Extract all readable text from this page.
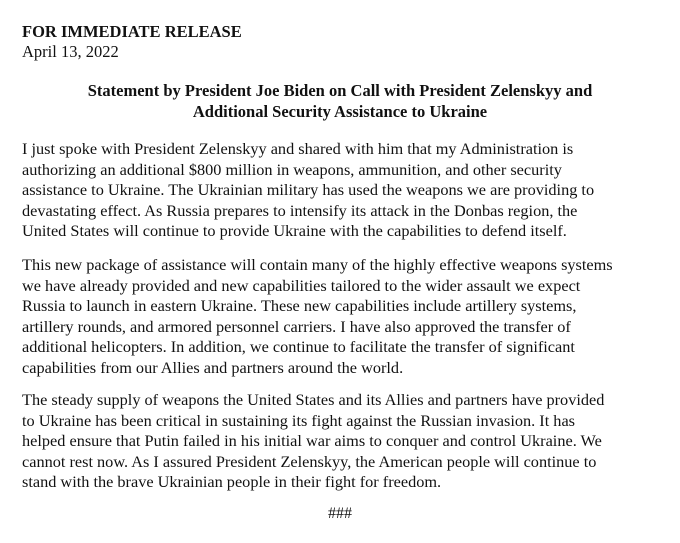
FOR IMMEDIATE RELEASE
April 13, 2022
Statement by President Joe Biden on Call with President Zelenskyy and
Additional Security Assistance to Ukraine
I just spoke with President Zelenskyy and shared with him that my Administration is
authorizing an additional $800 million in weapons, ammunition, and other security
assistance to Ukraine. The Ukrainian military has used the weapons we are providing to
devastating effect. As Russia prepares to intensify its attack in the Donbas region, the
United States will continue to provide Ukraine with the capabilities to defend itself.
This new package of assistance will contain many of the highly effective weapons systems
we have already provided and new capabilities tailored to the wider assault we expect
Russia to launch in eastern Ukraine. These new capabilities include artillery systems,
artillery rounds, and armored personnel carriers. I have also approved the transfer of
additional helicopters. In addition, we continue to facilitate the transfer of significant
capabilities from our Allies and partners around the world.
The steady supply of weapons the United States and its Allies and partners have provided
to Ukraine has been critical in sustaining its fight against the Russian invasion. It has
helped ensure that Putin failed in his initial war aims to conquer and control Ukraine. We
cannot rest now. As I assured President Zelenskyy, the American people will continue to
stand with the brave Ukrainian people in their fight for freedom.
###
